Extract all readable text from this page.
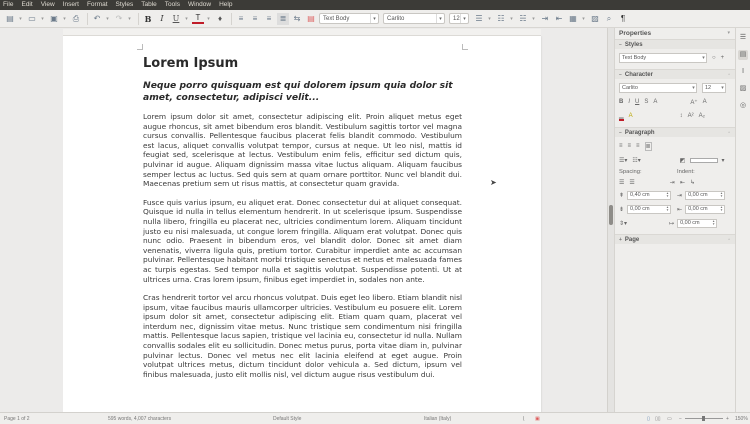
File Edit View Insert Format Styles Table Tools Window Help
▤	▾ ▭	▾ ▣	▾ ⎙	↶	▾ ↷	▾	B	I	U	▾ T	▾	♦	≡	≡	≡	≣ ⇆ ▤	Text Body	▾	Carlito	▾	12 ▾	☰	▾ ☷	▾ ☵	▾ ⇥ ⇤ ▦	▾ ▨ ⌕	¶
Lorem Ipsum
Neque porro quisquam est qui dolorem ipsum quia dolor sit amet, consectetur, adipisci velit...

Lorem ipsum dolor sit amet, consectetur adipiscing elit. Proin aliquet metus eget augue rhoncus, sit amet bibendum eros blandit. Vestibulum sagittis tortor vel magna cursus convallis. Pellentesque faucibus placerat felis blandit commodo. Vestibulum est lacus, aliquet convallis volutpat tempor, cursus at neque. Ut leo nisl, mattis id feugiat sed, scelerisque at lectus. Vestibulum enim felis, efficitur sed dictum quis, pulvinar id augue. Aliquam dignissim massa vitae luctus aliquam. Aliquam faucibus semper lectus ac luctus. Sed quis sem at quam ornare porttitor. Nunc vel blandit dui. Maecenas pretium sem ut risus mattis, at consectetur quam gravida.

Fusce quis varius ipsum, eu aliquet erat. Donec consectetur dui at aliquet consequat. Quisque id nulla in tellus elementum hendrerit. In ut scelerisque ipsum. Suspendisse nulla libero, fringilla eu placerat nec, ultricies condimentum lorem. Aliquam tincidunt justo eu nisi malesuada, ut congue lorem fringilla. Aliquam erat volutpat. Donec quis nunc odio. Praesent in bibendum eros, vel blandit dolor. Donec sit amet diam venenatis, viverra ligula quis, pretium tortor. Curabitur imperdiet ante ac accumsan pulvinar. Pellentesque habitant morbi tristique senectus et netus et malesuada fames ac turpis egestas. Sed tempor nulla et sagittis volutpat. Suspendisse potenti. Ut at ultrices urna. Cras lorem ipsum, finibus eget imperdiet in, sodales non ante.

Cras hendrerit tortor vel arcu rhoncus volutpat. Duis eget leo libero. Etiam blandit nisl ipsum, vitae faucibus mauris ullamcorper ultricies. Vestibulum eu posuere elit. Lorem ipsum dolor sit amet, consectetur adipiscing elit. Etiam quam quam, placerat vel interdum nec, dignissim vitae metus. Nunc tristique sem condimentum nisi fringilla mattis. Pellentesque lacus sapien, tristique vel lacinia eu, consectetur id nulla. Nullam convallis sodales elit eu sollicitudin. Donec metus purus, porta vitae diam in, pulvinar pulvinar lectus. Donec vel metus nec elit lacinia eleifend at eget augue. Proin volutpat ultrices metus, dictum tincidunt dolor vehicula a. Sed dictum, ipsum vel finibus malesuada, justo elit mollis nisl, vel dictum augue risus vestibulum dui.

➤
Properties	▾
− Styles
Text Body	▾ ○ +
− Character	▫
Carlito	▾ 12 ▾
B I U S A	A⁺ A
▁ A	↕ A² A₂
− Paragraph	▫
≡ ≡ ≡ ≣
☰▾ ☷▾	◩	▾
Spacing:	Indent:
☰ ☰	⇥ ⇤ ↳
⇞ 0,40 cm	▴
▾ ⇥ 0,00 cm	▴
▾
⇟ 0,00 cm	▴
▾ ⇤ 0,00 cm	▴
▾
⇕▾	↦ 0,00 cm	▴
▾
+ Page	▫
☰
▤
Ⅰ
▨
◎
Page 1 of 2	595 words, 4,007 characters	Default Style	Italian (Italy)	⌊ ▣	▯ ▯▯ ▭ −	+ 150%
